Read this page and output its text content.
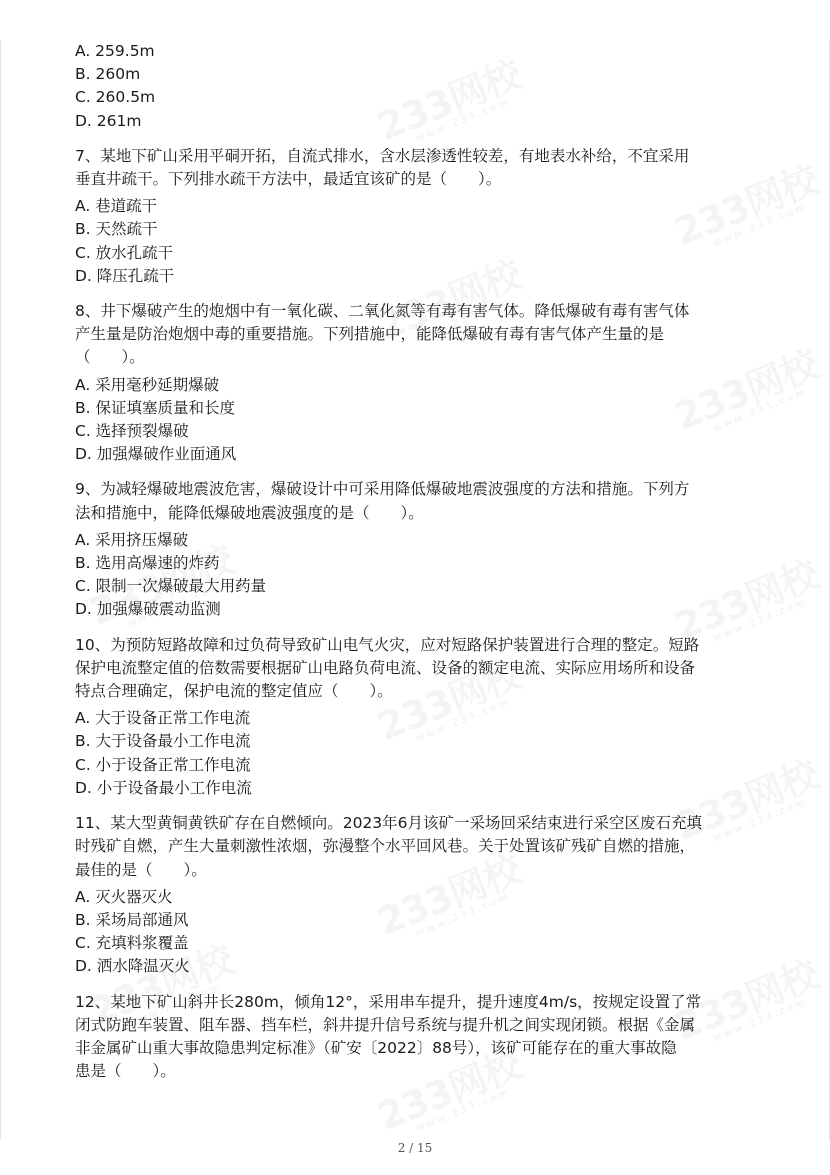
A. 259.5m
B. 260m
C. 260.5m
D. 261m
7、某地下矿山采用平硐开拓，自流式排水，含水层渗透性较差，有地表水补给，不宜采用
垂直井疏干。下列排水疏干方法中，最适宜该矿的是（　　）。
A. 巷道疏干
B. 天然疏干
C. 放水孔疏干
D. 降压孔疏干
8、井下爆破产生的炮烟中有一氧化碳、二氧化氮等有毒有害气体。降低爆破有毒有害气体
产生量是防治炮烟中毒的重要措施。下列措施中，能降低爆破有毒有害气体产生量的是
（　　）。
A. 采用毫秒延期爆破
B. 保证填塞质量和长度
C. 选择预裂爆破
D. 加强爆破作业面通风
9、为减轻爆破地震波危害，爆破设计中可采用降低爆破地震波强度的方法和措施。下列方
法和措施中，能降低爆破地震波强度的是（　　）。
A. 采用挤压爆破
B. 选用高爆速的炸药
C. 限制一次爆破最大用药量
D. 加强爆破震动监测
10、为预防短路故障和过负荷导致矿山电气火灾，应对短路保护装置进行合理的整定。短路
保护电流整定值的倍数需要根据矿山电路负荷电流、设备的额定电流、实际应用场所和设备
特点合理确定，保护电流的整定值应（　　）。
A. 大于设备正常工作电流
B. 大于设备最小工作电流
C. 小于设备正常工作电流
D. 小于设备最小工作电流
11、某大型黄铜黄铁矿存在自燃倾向。2023年6月该矿一采场回采结束进行采空区废石充填
时残矿自燃，产生大量刺激性浓烟，弥漫整个水平回风巷。关于处置该矿残矿自燃的措施，
最佳的是（　　）。
A. 灭火器灭火
B. 采场局部通风
C. 充填料浆覆盖
D. 洒水降温灭火
12、某地下矿山斜井长280m，倾角12°，采用串车提升，提升速度4m/s，按规定设置了常
闭式防跑车装置、阻车器、挡车栏，斜井提升信号系统与提升机之间实现闭锁。根据《金属
非金属矿山重大事故隐患判定标准》（矿安〔2022〕88号），该矿可能存在的重大事故隐
患是（　　）。
2 / 15
